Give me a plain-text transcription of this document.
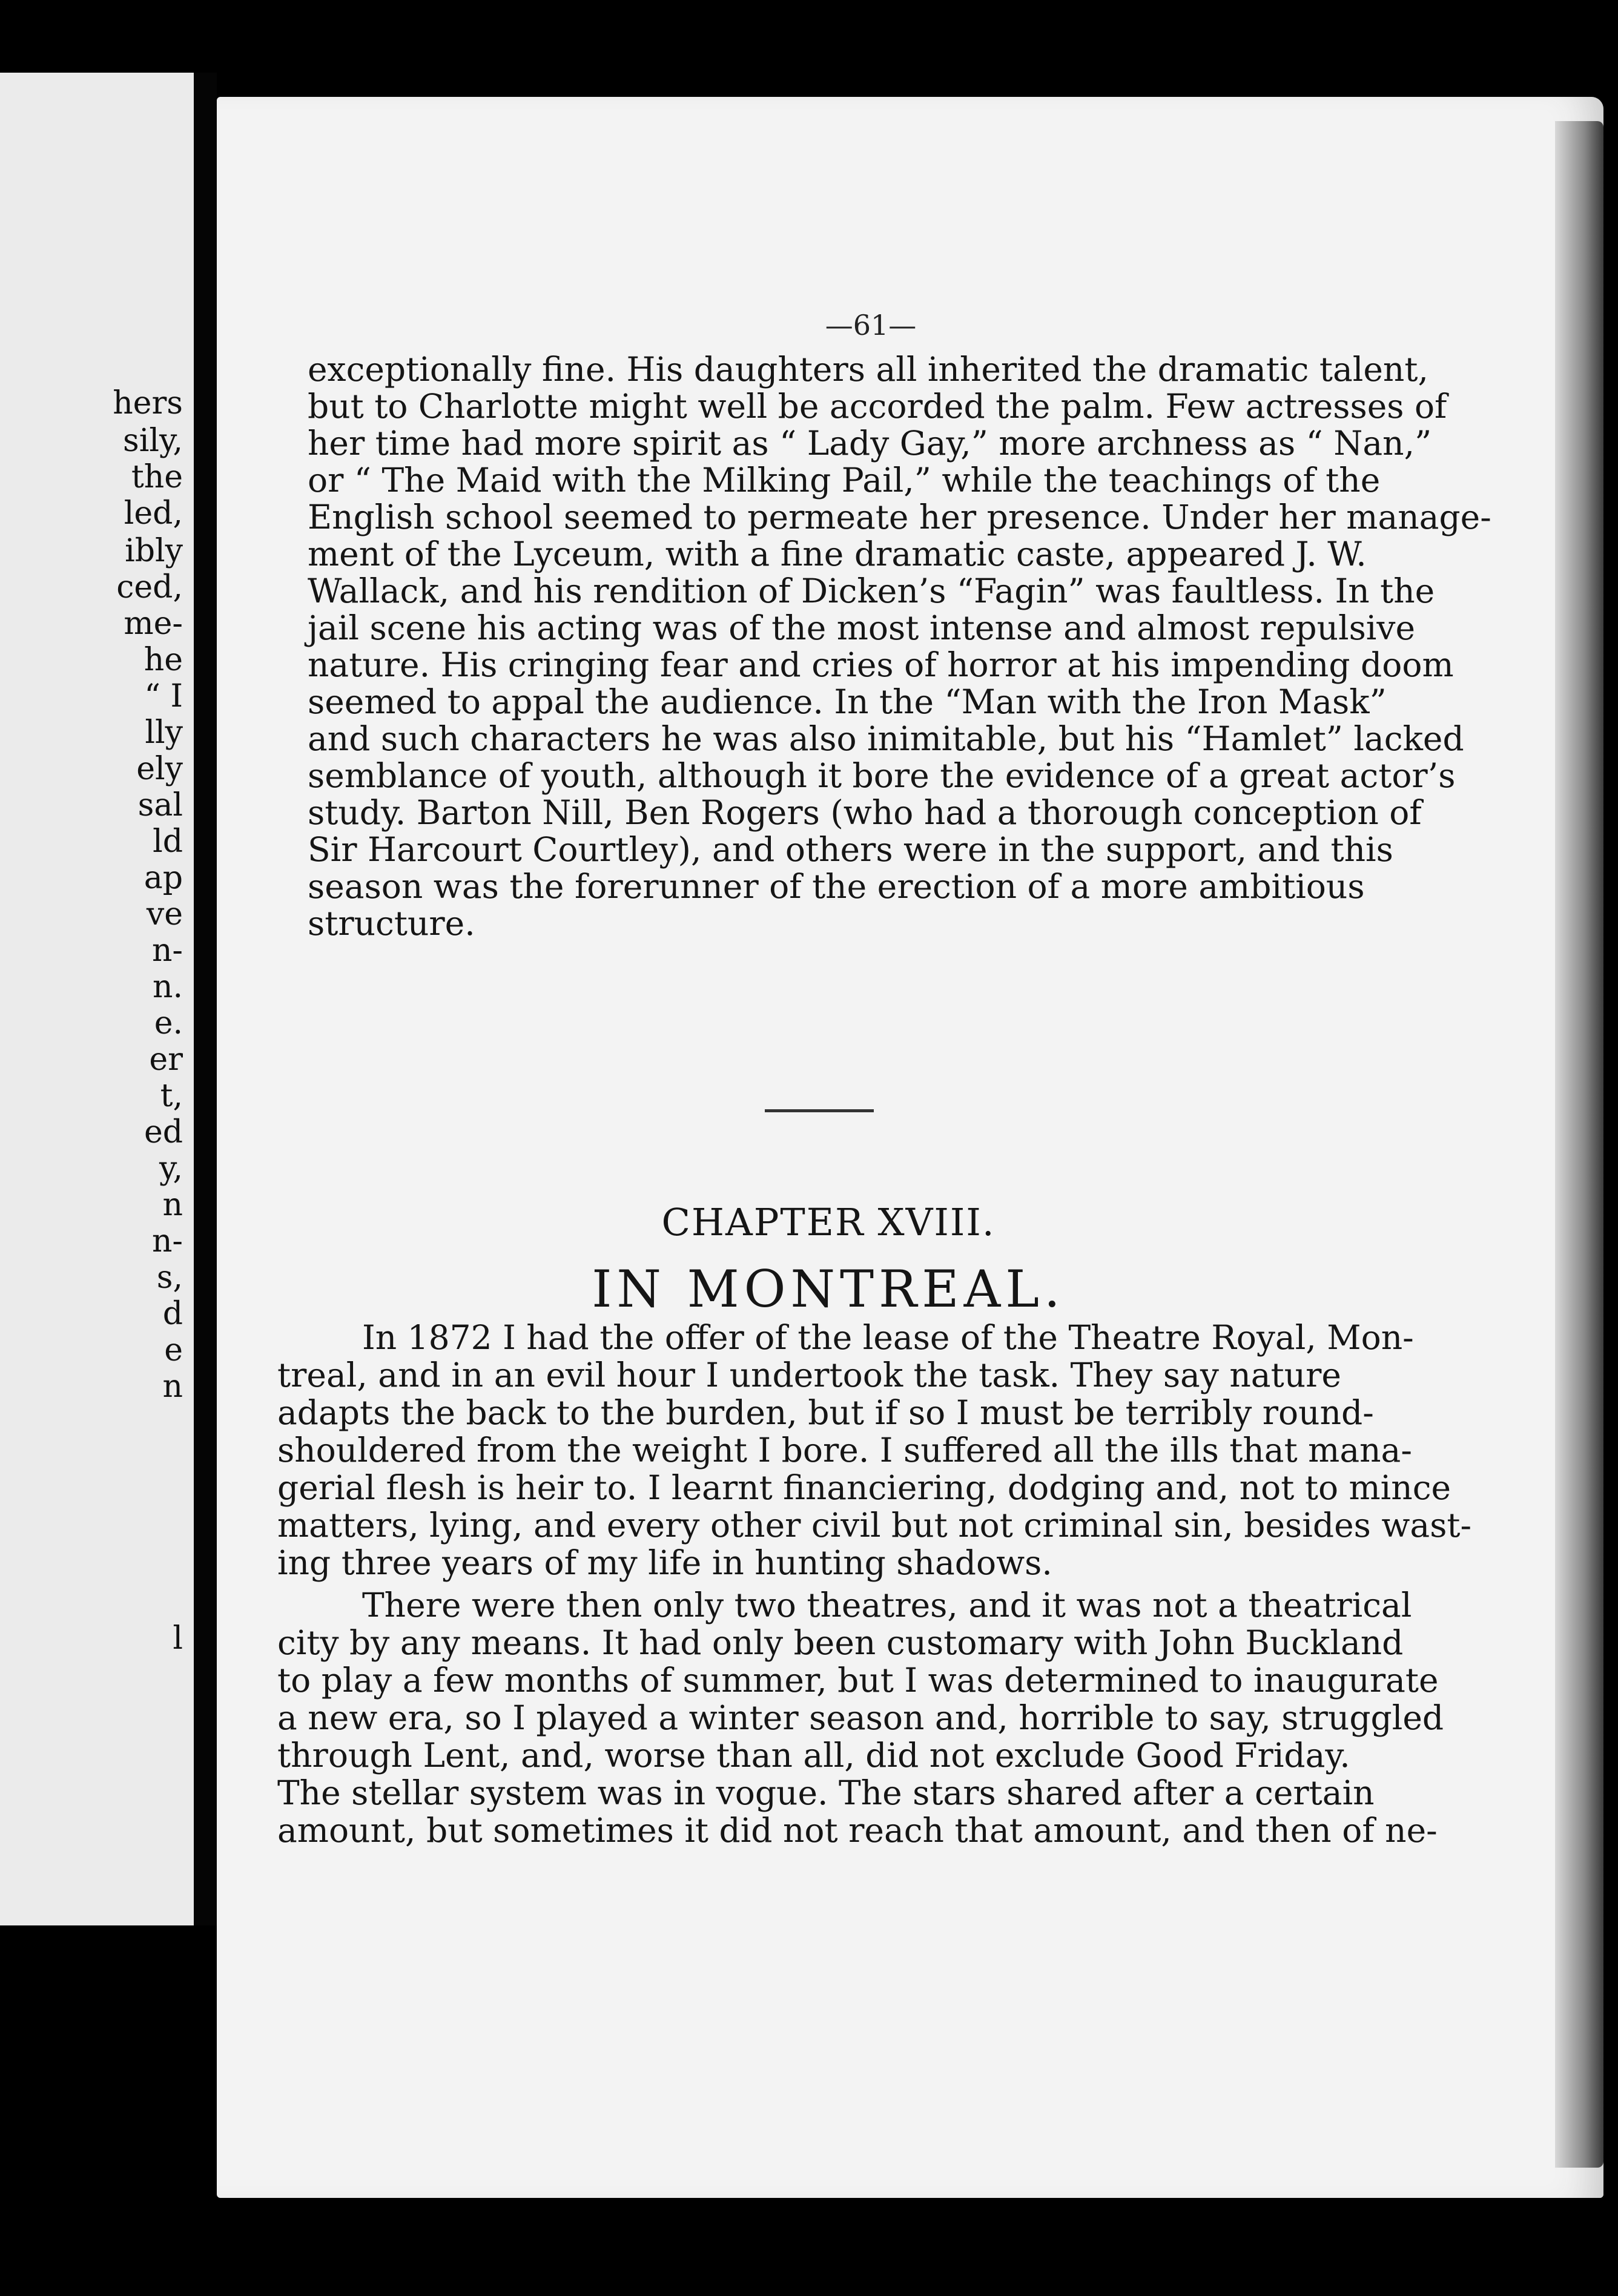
hers
sily,
the
led,
ibly
ced,
me-
he
“ I
lly
ely
sal
ld
ap
ve
n-
n.
e.
er
t,
ed
y,
n
n-
s,
d
e
n
l
—61—
exceptionally fine. His daughters all inherited the dramatic talent,
but to Charlotte might well be accorded the palm. Few actresses of
her time had more spirit as “ Lady Gay,” more archness as “ Nan,”
or “ The Maid with the Milking Pail,” while the teachings of the
English school seemed to permeate her presence. Under her manage-
ment of the Lyceum, with a fine dramatic caste, appeared J. W.
Wallack, and his rendition of Dicken’s “Fagin” was faultless. In the
jail scene his acting was of the most intense and almost repulsive
nature. His cringing fear and cries of horror at his impending doom
seemed to appal the audience. In the “Man with the Iron Mask”
and such characters he was also inimitable, but his “Hamlet” lacked
semblance of youth, although it bore the evidence of a great actor’s
study. Barton Nill, Ben Rogers (who had a thorough conception of
Sir Harcourt Courtley), and others were in the support, and this
season was the forerunner of the erection of a more ambitious
structure.
CHAPTER XVIII.
IN MONTREAL.
In 1872 I had the offer of the lease of the Theatre Royal, Mon-
treal, and in an evil hour I undertook the task. They say nature
adapts the back to the burden, but if so I must be terribly round-
shouldered from the weight I bore. I suffered all the ills that mana-
gerial flesh is heir to. I learnt financiering, dodging and, not to mince
matters, lying, and every other civil but not criminal sin, besides wast-
ing three years of my life in hunting shadows.
There were then only two theatres, and it was not a theatrical
city by any means. It had only been customary with John Buckland
to play a few months of summer, but I was determined to inaugurate
a new era, so I played a winter season and, horrible to say, struggled
through Lent, and, worse than all, did not exclude Good Friday.
The stellar system was in vogue. The stars shared after a certain
amount, but sometimes it did not reach that amount, and then of ne-
